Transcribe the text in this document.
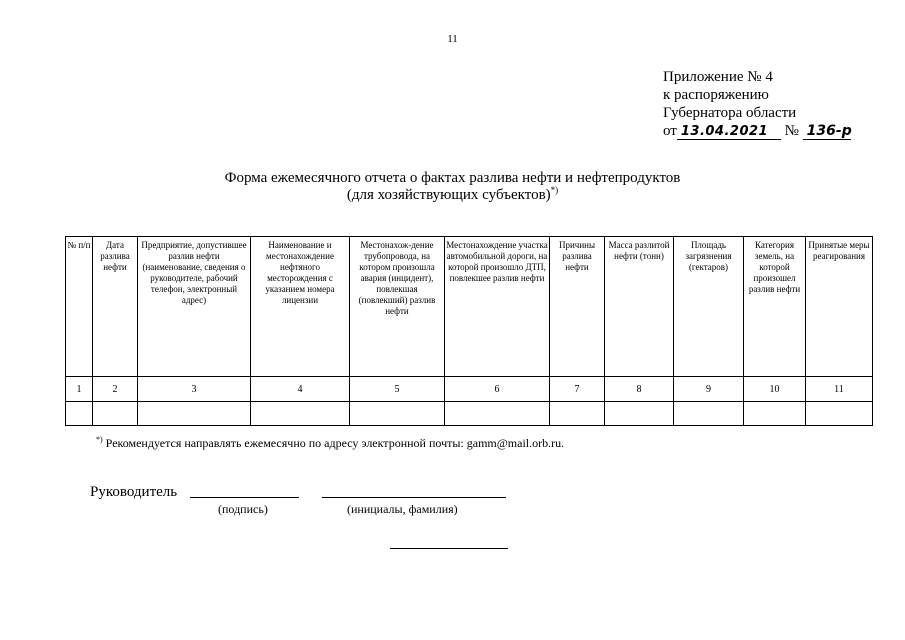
11
Приложение № 4
к распоряжению
Губернатора области
от 13.04.2021 № 136-р
Форма ежемесячного отчета о фактах разлива нефти и нефтепродуктов
(для хозяйствующих субъектов)*)
№ п/п	Дата разлива нефти	Предприятие, допустившее разлив нефти (наименование, сведения о руководителе, рабочий телефон, электронный адрес)	Наименование и местонахождение нефтяного месторождения с указанием номера лицензии	Местонахож-дение трубопровода, на котором произошла авария (инцидент), повлекшая (повлекший) разлив нефти	Местонахождение участка автомобильной дороги, на которой произошло ДТП, повлекшее разлив нефти	Причины разлива нефти	Масса разлитой нефти (тонн)	Площадь загрязнения (гектаров)	Категория земель, на которой произошел разлив нефти	Принятые меры реагирования
1	2	3	4	5	6	7	8	9	10	11

*) Рекомендуется направлять ежемесячно по адресу электронной почты: gamm@mail.orb.ru.
Руководитель
(подпись)	(инициалы, фамилия)
